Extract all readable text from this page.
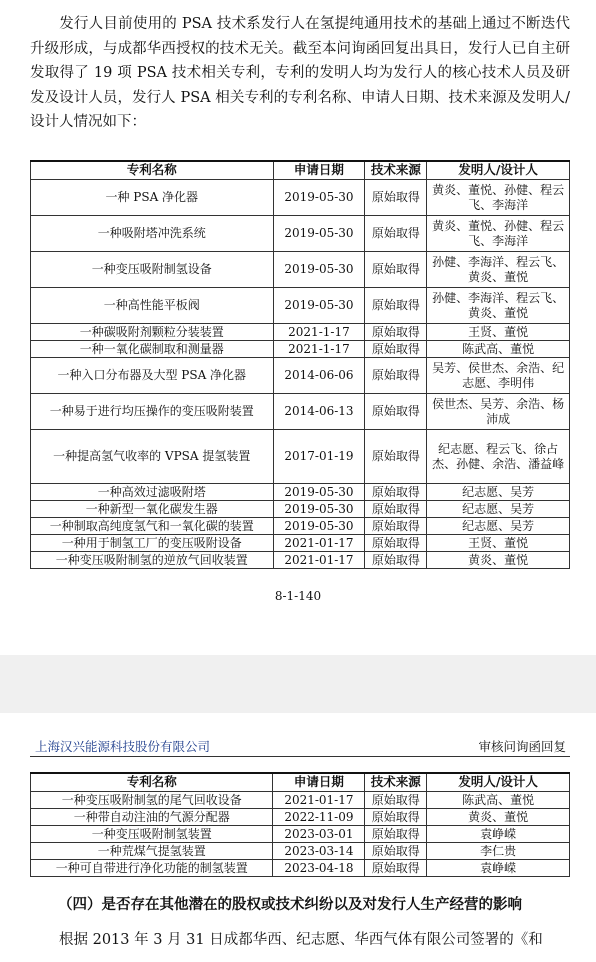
发行人目前使用的 PSA 技术系发行人在氢提纯通用技术的基础上通过不断迭代升级形成，与成都华西授权的技术无关。截至本问询函回复出具日，发行人已自主研发取得了 19 项 PSA 技术相关专利，专利的发明人均为发行人的核心技术人员及研发及设计人员，发行人 PSA 相关专利的专利名称、申请人日期、技术来源及发明人/设计人情况如下：
专利名称	申请日期	技术来源	发明人/设计人
一种 PSA 净化器	2019-05-30	原始取得	黄炎、董悦、孙健、程云飞、李海洋
一种吸附塔冲洗系统	2019-05-30	原始取得	黄炎、董悦、孙健、程云飞、李海洋
一种变压吸附制氢设备	2019-05-30	原始取得	孙健、李海洋、程云飞、黄炎、董悦
一种高性能平板阀	2019-05-30	原始取得	孙健、李海洋、程云飞、黄炎、董悦
一种碳吸附剂颗粒分装装置	2021-1-17	原始取得	王贤、董悦
一种一氧化碳制取和测量器	2021-1-17	原始取得	陈武高、董悦
一种入口分布器及大型 PSA 净化器	2014-06-06	原始取得	吴芳、侯世杰、余浩、纪志愿、李明伟
一种易于进行均压操作的变压吸附装置	2014-06-13	原始取得	侯世杰、吴芳、余浩、杨沛成
一种提高氢气收率的 VPSA 提氢装置	2017-01-19	原始取得	纪志愿、程云飞、徐占杰、孙健、余浩、潘益峰
一种高效过滤吸附塔	2019-05-30	原始取得	纪志愿、吴芳
一种新型一氧化碳发生器	2019-05-30	原始取得	纪志愿、吴芳
一种制取高纯度氢气和一氧化碳的装置	2019-05-30	原始取得	纪志愿、吴芳
一种用于制氢工厂的变压吸附设备	2021-01-17	原始取得	王贤、董悦
一种变压吸附制氢的逆放气回收装置	2021-01-17	原始取得	黄炎、董悦
8-1-140
上海汉兴能源科技股份有限公司	审核问询函回复
专利名称	申请日期	技术来源	发明人/设计人
一种变压吸附制氢的尾气回收设备	2021-01-17	原始取得	陈武高、董悦
一种带自动注油的气源分配器	2022-11-09	原始取得	黄炎、董悦
一种变压吸附制氢装置	2023-03-01	原始取得	袁峥嵘
一种荒煤气提氢装置	2023-03-14	原始取得	李仁贵
一种可自带进行净化功能的制氢装置	2023-04-18	原始取得	袁峥嵘
（四）是否存在其他潜在的股权或技术纠纷以及对发行人生产经营的影响
根据 2013 年 3 月 31 日成都华西、纪志愿、华西气体有限公司签署的《和
